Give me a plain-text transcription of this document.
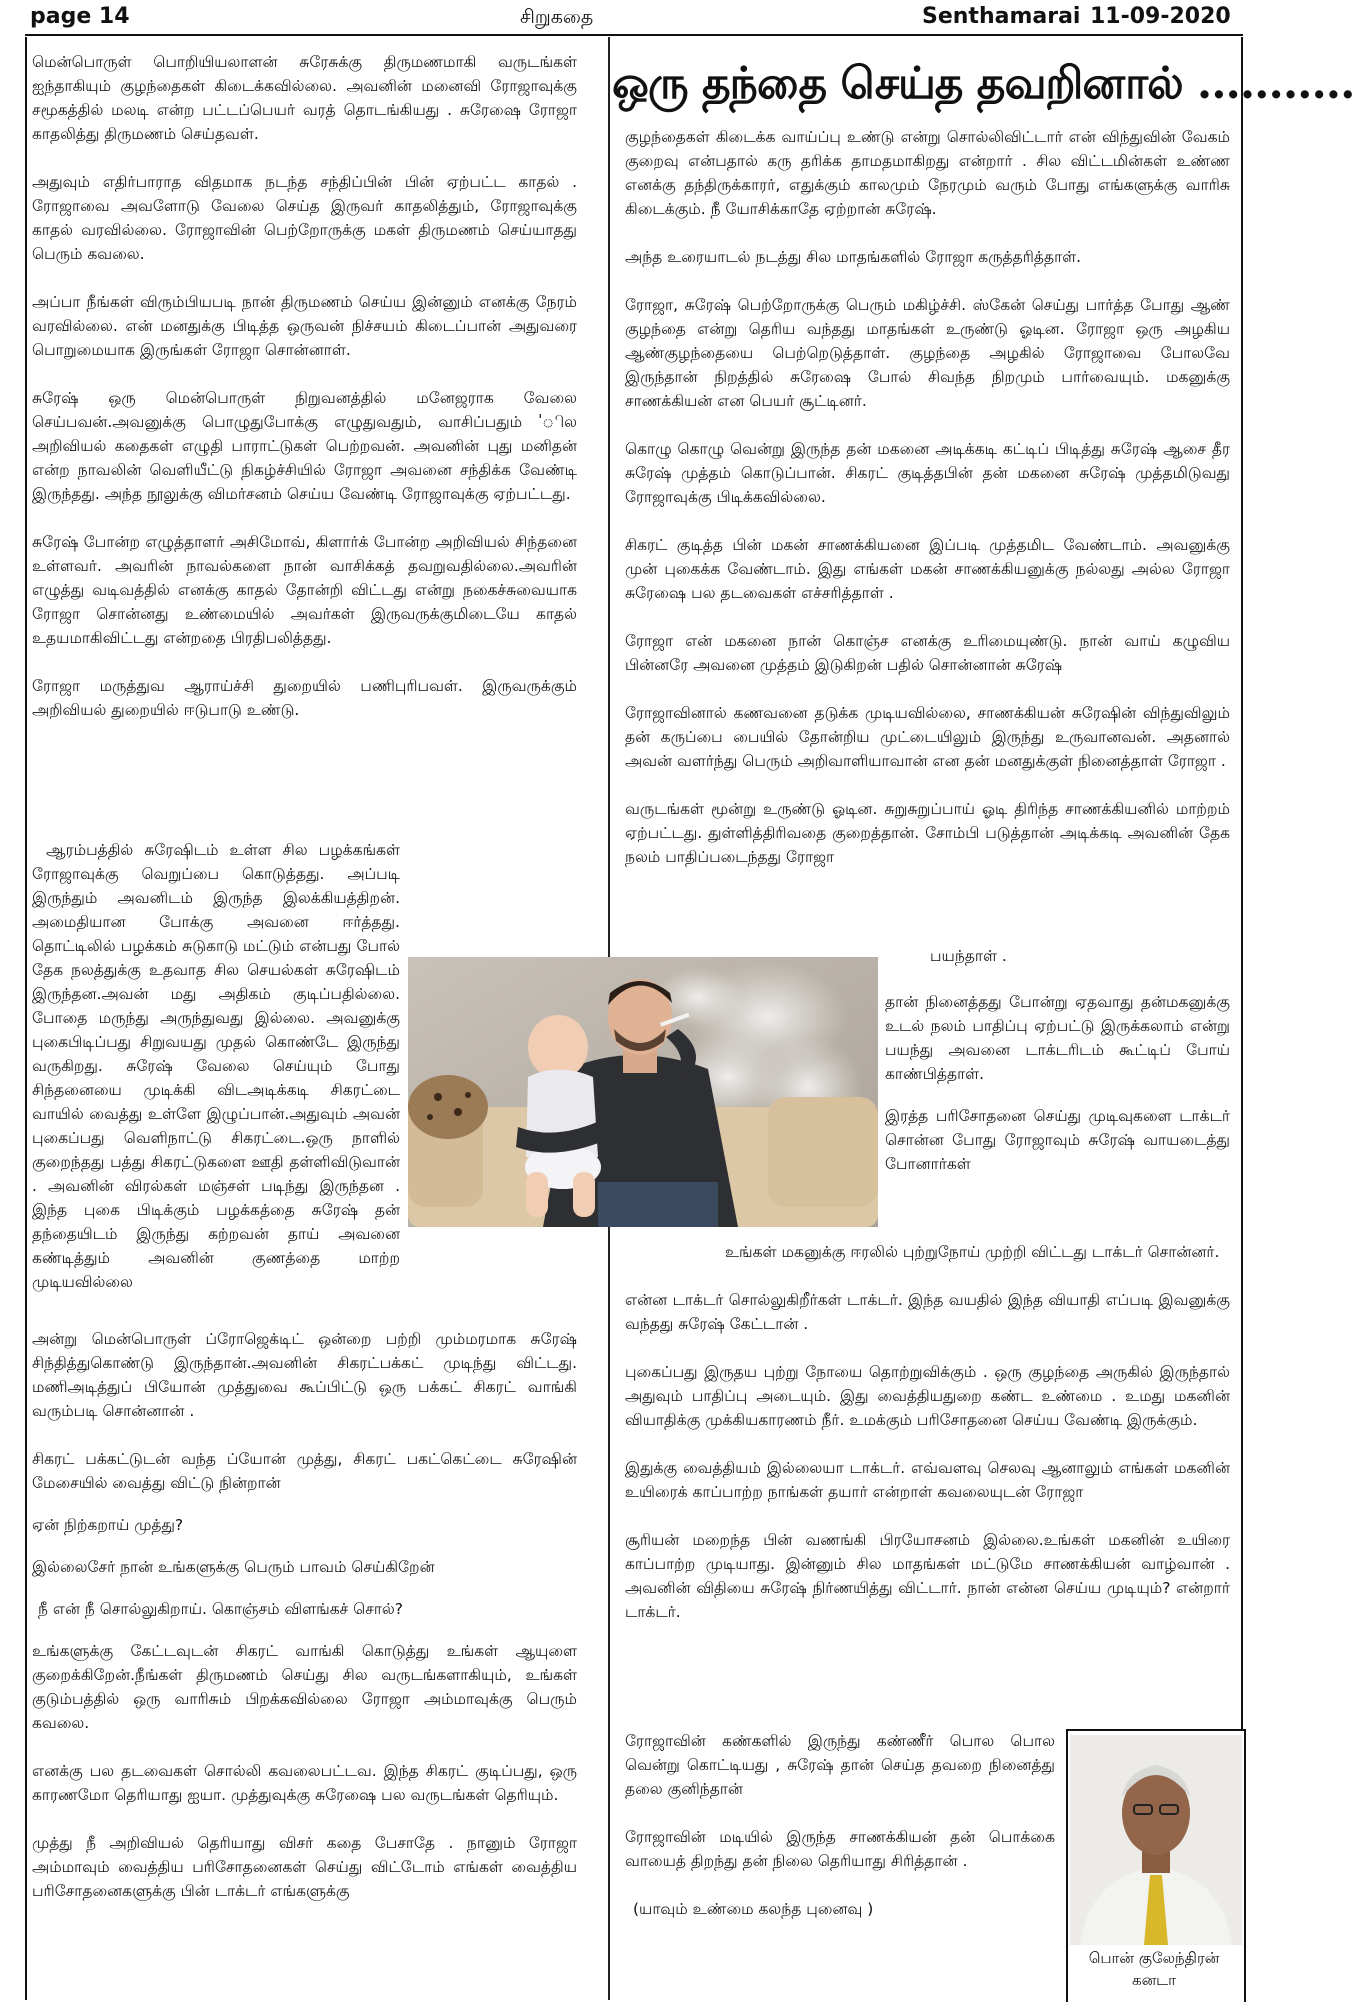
page 14	சிறுகதை	Senthamarai 11-09-2020
ஒரு தந்தை செய்த தவறினால் ...........

மென்பொருள் பொறியியலாளன் சுரேசுக்கு திருமணமாகி வருடங்கள் ஐந்தாகியும் குழந்தைகள் கிடைக்கவில்லை. அவனின் மனைவி ரோஜாவுக்கு சமூகத்தில் மலடி என்ற பட்டப்பெயர் வரத் தொடங்கியது . சுரேஷை ரோஜா காதலித்து திருமணம் செய்தவள்.

அதுவும் எதிர்பாராத விதமாக நடந்த சந்திப்பின் பின் ஏற்பட்ட காதல் . ரோஜாவை அவளோடு வேலை செய்த இருவர் காதலித்தும், ரோஜாவுக்கு காதல் வரவில்லை. ரோஜாவின் பெற்றோருக்கு மகள் திருமணம் செய்யாதது பெரும் கவலை.

அப்பா நீங்கள் விரும்பியபடி நான் திருமணம் செய்ய இன்னும் எனக்கு நேரம் வரவில்லை. என் மனதுக்கு பிடித்த ஒருவன் நிச்சயம் கிடைப்பான் அதுவரை பொறுமையாக இருங்கள் ரோஜா சொன்னாள்.

சுரேஷ் ஒரு மென்பொருள் நிறுவனத்தில் மனேஜராக வேலை செய்பவன்.அவனுக்கு பொழுதுபோக்கு எழுதுவதும், வாசிப்பதும் 'ில அறிவியல் கதைகள் எழுதி பாராட்டுகள் பெற்றவன். அவனின் புது மனிதன் என்ற நாவலின் வெளியீட்டு நிகழ்ச்சியில் ரோஜா அவனை சந்திக்க வேண்டி இருந்தது. அந்த நூலுக்கு விமர்சனம் செய்ய வேண்டி ரோஜாவுக்கு ஏற்பட்டது.

சுரேஷ் போன்ற எழுத்தாளர் அசிமோவ், கிளார்க் போன்ற அறிவியல் சிந்தனை உள்ளவர். அவரின் நாவல்களை நான் வாசிக்கத் தவறுவதில்லை.அவரின் எழுத்து வடிவத்தில் எனக்கு காதல் தோன்றி விட்டது என்று நகைச்சுவையாக ரோஜா சொன்னது உண்மையில் அவர்கள் இருவருக்குமிடையே காதல் உதயமாகிவிட்டது என்றதை பிரதிபலித்தது.

ரோஜா மருத்துவ ஆராய்ச்சி துறையில் பணிபுரிபவள். இருவருக்கும் அறிவியல் துறையில் ஈடுபாடு உண்டு.

ஆரம்பத்தில் சுரேஷிடம் உள்ள சில பழக்கங்கள் ரோஜாவுக்கு வெறுப்பை கொடுத்தது. அப்படி இருந்தும் அவனிடம் இருந்த இலக்கியத்திறன். அமைதியான போக்கு அவனை ஈர்த்தது. தொட்டிலில் பழக்கம் சுடுகாடு மட்டும் என்பது போல் தேக நலத்துக்கு உதவாத சில செயல்கள் சுரேஷிடம் இருந்தன.அவன் மது அதிகம் குடிப்பதில்லை. போதை மருந்து அருந்துவது இல்லை. அவனுக்கு புகைபிடிப்பது சிறுவயது முதல் கொண்டே இருந்து வருகிறது. சுரேஷ் வேலை செய்யும் போது சிந்தனையை முடிக்கி விடஅடிக்கடி சிகரட்டை வாயில் வைத்து உள்ளே இழுப்பான்.அதுவும் அவன் புகைப்பது வெளிநாட்டு சிகரட்டை.ஒரு நாளில் குறைந்தது பத்து சிகரட்டுகளை ஊதி தள்ளிவிடுவான் . அவனின் விரல்கள் மஞ்சள் படிந்து இருந்தன . இந்த புகை பிடிக்கும் பழக்கத்தை சுரேஷ் தன் தந்தையிடம் இருந்து கற்றவன் தாய் அவனை கண்டித்தும் அவனின் குணத்தை மாற்ற முடியவில்லை

அன்று மென்பொருள் ப்ரோஜெக்டிட் ஒன்றை பற்றி மும்மரமாக சுரேஷ் சிந்தித்துகொண்டு இருந்தான்.அவனின் சிகரட்பக்கட் முடிந்து விட்டது. மணிஅடித்துப் பியோன் முத்துவை கூப்பிட்டு ஒரு பக்கட் சிகரட் வாங்கி வரும்படி சொன்னான் .

சிகரட் பக்கட்டுடன் வந்த ப்யோன் முத்து, சிகரட் பகட்கெட்டை சுரேஷின் மேசையில் வைத்து விட்டு நின்றான்

ஏன் நிற்கறாய் முத்து?

இல்லைசேர் நான் உங்களுக்கு பெரும் பாவம் செய்கிறேன்

நீ என் நீ சொல்லுகிறாய். கொஞ்சம் விளங்கச் சொல்?

உங்களுக்கு கேட்டவுடன் சிகரட் வாங்கி கொடுத்து உங்கள் ஆயுளை குறைக்கிறேன்.நீங்கள் திருமணம் செய்து சில வருடங்களாகியும், உங்கள் குடும்பத்தில் ஒரு வாரிசும் பிறக்கவில்லை ரோஜா அம்மாவுக்கு பெரும் கவலை.

எனக்கு பல தடவைகள் சொல்லி கவலைபட்டவ. இந்த சிகரட் குடிப்பது, ஒரு காரணமோ தெரியாது ஐயா. முத்துவுக்கு சுரேஷை பல வருடங்கள் தெரியும்.

முத்து நீ அறிவியல் தெரியாது விசர் கதை பேசாதே . நானும் ரோஜா அம்மாவும் வைத்திய பரிசோதனைகள் செய்து விட்டோம் எங்கள் வைத்திய பரிசோதனைகளுக்கு பின் டாக்டர் எங்களுக்கு

குழந்தைகள் கிடைக்க வாய்ப்பு உண்டு என்று சொல்லிவிட்டார் என் விந்துவின் வேகம் குறைவு என்பதால் கரு தரிக்க தாமதமாகிறது என்றார் . சில விட்டமின்கள் உண்ண எனக்கு தந்திருக்காரர், எதுக்கும் காலமும் நேரமும் வரும் போது எங்களுக்கு வாரிசு கிடைக்கும். நீ யோசிக்காதே ஏற்றான் சுரேஷ்.

அந்த உரையாடல் நடத்து சில மாதங்களில் ரோஜா கருத்தரித்தாள்.

ரோஜா, சுரேஷ் பெற்றோருக்கு பெரும் மகிழ்ச்சி. ஸ்கேன் செய்து பார்த்த போது ஆண் குழந்தை என்று தெரிய வந்தது மாதங்கள் உருண்டு ஓடின. ரோஜா ஒரு அழகிய ஆண்குழந்தையை பெற்றெடுத்தாள். குழந்தை அழகில் ரோஜாவை போலவே இருந்தான் நிறத்தில் சுரேஷை போல் சிவந்த நிறமும் பார்வையும். மகனுக்கு சாணக்கியன் என பெயர் சூட்டினர்.

கொழு கொழு வென்று இருந்த தன் மகனை அடிக்கடி கட்டிப் பிடித்து சுரேஷ் ஆசை தீர சுரேஷ் முத்தம் கொடுப்பான். சிகரட் குடித்தபின் தன் மகனை சுரேஷ் முத்தமிடுவது ரோஜாவுக்கு பிடிக்கவில்லை.

சிகரட் குடித்த பின் மகன் சாணக்கியனை இப்படி முத்தமிட வேண்டாம். அவனுக்கு முன் புகைக்க வேண்டாம். இது எங்கள் மகன் சாணக்கியனுக்கு நல்லது அல்ல ரோஜா சுரேஷை பல தடவைகள் எச்சரித்தாள் .

ரோஜா என் மகனை நான் கொஞ்ச எனக்கு உரிமையுண்டு. நான் வாய் கழுவிய பின்னரே அவனை முத்தம் இடுகிறன் பதில் சொன்னான் சுரேஷ்

ரோஜாவினால் கணவனை தடுக்க முடியவில்லை, சாணக்கியன் சுரேஷின் விந்துவிலும் தன் கருப்பை பையில் தோன்றிய முட்டையிலும் இருந்து உருவானவன். அதனால் அவன் வளர்ந்து பெரும் அறிவாளியாவான் என தன் மனதுக்குள் நினைத்தாள் ரோஜா .

வருடங்கள் மூன்று உருண்டு ஓடின. சுறுசுறுப்பாய் ஓடி திரிந்த சாணக்கியனில் மாற்றம் ஏற்பட்டது. துள்ளித்திரிவதை குறைத்தான். சோம்பி படுத்தான் அடிக்கடி அவனின் தேக நலம் பாதிப்படைந்தது ரோஜா

பயந்தாள் .
தான் நினைத்தது போன்று ஏதவாது தன்மகனுக்கு உடல் நலம் பாதிப்பு ஏற்பட்டு இருக்கலாம் என்று பயந்து அவனை டாக்டரிடம் கூட்டிப் போய் காண்பித்தாள்.
இரத்த பரிசோதனை செய்து முடிவுகளை டாக்டர் சொன்ன போது ரோஜாவும் சுரேஷ் வாயடைத்து போனார்கள்

உங்கள் மகனுக்கு ஈரலில் புற்றுநோய் முற்றி விட்டது டாக்டர் சொன்னர்.

என்ன டாக்டர் சொல்லுகிறீர்கள் டாக்டர். இந்த வயதில் இந்த வியாதி எப்படி இவனுக்கு வந்தது சுரேஷ் கேட்டான் .

புகைப்பது இருதய புற்று நோயை தொற்றுவிக்கும் . ஒரு குழந்தை அருகில் இருந்தால் அதுவும் பாதிப்பு அடையும். இது வைத்தியதுறை கண்ட உண்மை . உமது மகனின் வியாதிக்கு முக்கியகாரணம் நீர். உமக்கும் பரிசோதனை செய்ய வேண்டி இருக்கும்.

இதுக்கு வைத்தியம் இல்லையா டாக்டர். எவ்வளவு செலவு ஆனாலும் எங்கள் மகனின் உயிரைக் காப்பாற்ற நாங்கள் தயார் என்றாள் கவலையுடன் ரோஜா

சூரியன் மறைந்த பின் வணங்கி பிரயோசனம் இல்லை.உங்கள் மகனின் உயிரை காப்பாற்ற முடியாது. இன்னும் சில மாதங்கள் மட்டுமே சாணக்கியன் வாழ்வான் . அவனின் விதியை சுரேஷ் நிர்ணயித்து விட்டார். நான் என்ன செய்ய முடியும்? என்றார் டாக்டர்.

ரோஜாவின் கண்களில் இருந்து கண்ணீர் பொல பொல வென்று கொட்டியது , சுரேஷ் தான் செய்த தவறை நினைத்து தலை குனிந்தான்

ரோஜாவின் மடியில் இருந்த சாணக்கியன் தன் பொக்கை வாயைத் திறந்து தன் நிலை தெரியாது சிரித்தான் .

(யாவும் உண்மை கலந்த புனைவு )

பொன் குலேந்திரன்
கனடா
